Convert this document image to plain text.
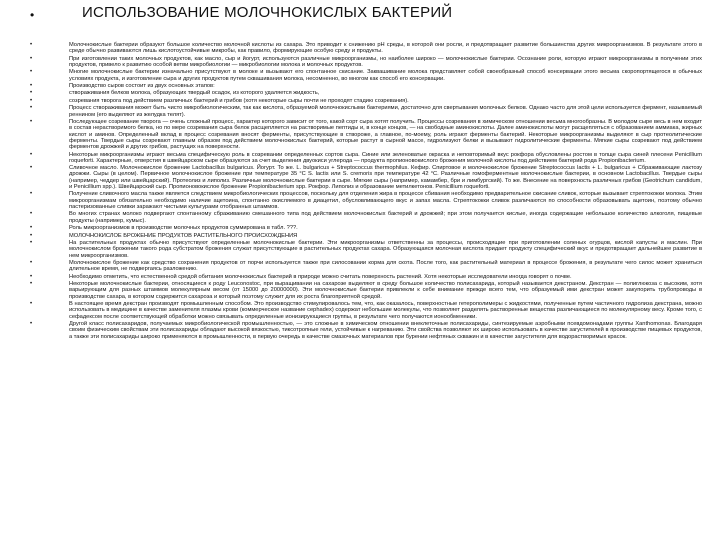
•	ИСПОЛЬЗОВАНИЕ МОЛОЧНОКИСЛЫХ БАКТЕРИЙ
•	Молочнокислые бактерии образуют большое количество молочной кислоты из сахара. Это приводит к снижению pH среды, в которой они росли, и предотвращает развитие большинства других микроорганизмов. В результате этого в среде обычно развиваются лишь кислотоустойчивые микробы, как правило, формирующие особую среду и продукты.
•	При изготовлении таких молочных продуктов, как масло, сыр и йогурт, используются различные микроорганизмы, но наиболее широко — молочнокислые бактерии. Осознание роли, которую играют микроорганизмы в получении этих продуктов, привело к развитию особой ветви микробиологии — микробиологии молока и молочных продуктов.
•	Многие молочнокислые бактерии изначально присутствуют в молоке и вызывают его спонтанное скисание. Заквашивание молока представляет собой своеобразный способ консервации этого весьма скоропортящегося в обычных условиях продукта, и изготовление сыра и других продуктов путем сквашивания молока, несомненно, во многом как способ его консервации.
•	Производство сыров состоит из двух основных этапов:
•	створаживания белков молока, образующих твердый осадок, из которого удаляется жидкость,
•	созревания творога под действием различных бактерий и грибов (хотя некоторые сыры почти не проходят стадию созревания).
•	Процесс створаживания может быть чисто микробиологическим, так как кислота, образуемой молочнокислыми бактериями, достаточно для свертывания молочных белков. Однако часто для этой цели используется фермент, называемый реннином (его выделяют из желудка телят).
•	Последующее созревание творога — очень сложный процесс, характер которого зависит от того, какой сорт сыра хотят получить. Процессы созревания в химическом отношении весьма многообразны. В молодом сыре весь в нем входит в состав нерастворимого белка, но по мере созревания сыра белок расщепляется на растворимые пептиды и, в конце концов, — на свободные аминокислоты. Далее аминокислоты могут расщепляться с образованием аммиака, жирных кислот и аминов. Определенный вклад в процесс созревания вносят ферменты, присутствующие в створоже, а главное, по-моему, роль играют ферменты бактерий. Некоторые микроорганизмы выделяют в сыр протеолитические ферменты. Твердые сыры созревают главным образом под действием молочнокислых бактерий, которые растут в сырной массе, гидролизуют белки и вызывают гидролитические ферменты. Мягкие сыры созревают под действием ферментов дрожжей и других грибов, растущих на поверхности.
•	Некоторые микроорганизмы играют весьма специфическую роль в созревании определенных сортов сыра. Синие или зеленоватые окраска и неповторимый вкус рокфора обусловлены ростом в толще сыра синей плесени Penicillium roqueforti. Характерные, отверстия в швейцарском сыре образуются за счет выделения двуокиси углерода — продукта пропионовокислого брожения молочной кислоты под действием бактерий рода Propionibacterium.
•	Сливочное масло. Молочнокислое брожение Lactobacillus bulgaricus. Йогурт. То же. L. bulgaricus + Streptococcus thermophilus. Кефир. Спиртовое и молочнокислое брожение Streptococcus lactis + L. bulgaricus + Сбраживающие лактозу дрожжи. Сыры (в целом). Первичное молочнокислое брожение при температуре 35 °С S. lactis или S. cremoris при температуре 42 °С. Различные гомоферментные молочнокислые бактерии, в основном Lactobacillus. Твердые сыры (например, чеддер или швейцарский). Протеолиз и липолиз. Различные молочнокислые бактерии в сыре. Мягкие сыры (например, камамбер, бри и лимбургский). То же. Внесение на поверхность различных грибов (Geotrichum candidum, и Penicillium spp.). Швейцарский сыр. Пропионовокислое брожение Propionibacterium spp. Рокфор. Липолиз и образование метилкетонов. Penicillium roqueforti.
•	Получение сливочного масла также является следствием микробиологических процессов, поскольку для отделения жира в процессе сбивания необходимо предварительное скисание сливок, которые вызывает стрептококки молока. Этим микроорганизмам обязательно необходимо наличие ацетоина, спонтанно окисляемого в диацетил, обусловливающего вкус и запах масла. Стрептококки сливок различаются по способности образовывать ацетоин, поэтому обычно пастеризованные сливки заражают чистыми культурами отобранных штаммов.
•	Во многих странах молоко подвергают спонтанному сбраживанию смешанного типа под действием молочнокислых бактерий и дрожжей; при этом получается кислые, иногда содержащие небольшое количество алкоголя, пищевые продукты (например, кумыс).
•	Роль микроорганизмов в производстве молочных продуктов суммирована в табл. ???.
•	МОЛОЧНОКИСЛОЕ БРОЖЕНИЕ ПРОДУКТОВ РАСТИТЕЛЬНОГО ПРОИСХОЖДЕНИЯ
•	На растительных продуктах обычно присутствуют определенные молочнокислые бактерии. Эти микроорганизмы ответственны за процессы, происходящие при приготовлении соленых огурцов, кислой капусты и маслин. При молочнокислом брожении такого рода субстратом брожения служат присутствующие в растительных продуктах сахара. Образующаяся молочная кислота придает продукту специфический вкус и предотвращает дальнейшее развитие в нем микроорганизмов.
•	Молочнокислое брожение как средство сохранения продуктов от порчи используется также при силосовании корма для скота. После того, как растительный материал в процессе брожения, в результате чего силос может храниться длительное время, не подвергаясь разложению.
•	Необходимо отметить, что естественной средой обитания молочнокислых бактерий в природе можно считать поверхность растений. Хотя некоторые исследователи иногда говорят о почве.
•	Некоторые молочнокислые бактерии, относящиеся к роду Leuconostoc, при выращивании на сахарозе выделяют в среду большое количество полисахарида, который называется декстраном. Декстран — полиглюкоза с высоким, хотя варьирующим для разных штаммов молекулярным весом (от 15000 до 20000000). Эти молочнокислые бактерии привлекли к себе внимание прежде всего тем, что образуемый ими декстран может закупорить трубопроводы в производстве сахара, в котором содержится сахароза и который поэтому служит для их роста благоприятной средой.
•	В настоящее время декстран производят промышленным способом. Это производство стимулировалось тем, что, как оказалось, поверхностные гетерополимеры с жидкостями, полученные путем частичного гидролиза декстрана, можно использовать в медицине в качестве заменителя плазмы крови (коммерческое название cephadex) содержат небольшие молекулы, что позволяет разделять растворенные вещества различающиеся по молекулярному весу. Кроме того, с сефадексом после соответствующей обработки можно связывать определенные ионизирующиеся группы, в результате чего получаются ионообменники.
•	Другой класс полисахаридов, получаемых микробиологической промышленностью, — это сложные в химическом отношении внеклеточные полисахариды, синтезируемые аэробными псевдомонадами группы Xanthomonas. Благодаря своим физическим свойствам эти полисахариды обладают высокой вязкостью, тиксотропные гели, устойчивые к нагреванию. Эти свойства позволяют их широко использовать в качестве загустителей в производстве пищевых продуктов, а также эти полисахариды широко применяются в промышленности, в первую очередь в качестве смазочных материалов при бурении нефтяных скважин и в качестве загустителя для водорастворимых красок.
